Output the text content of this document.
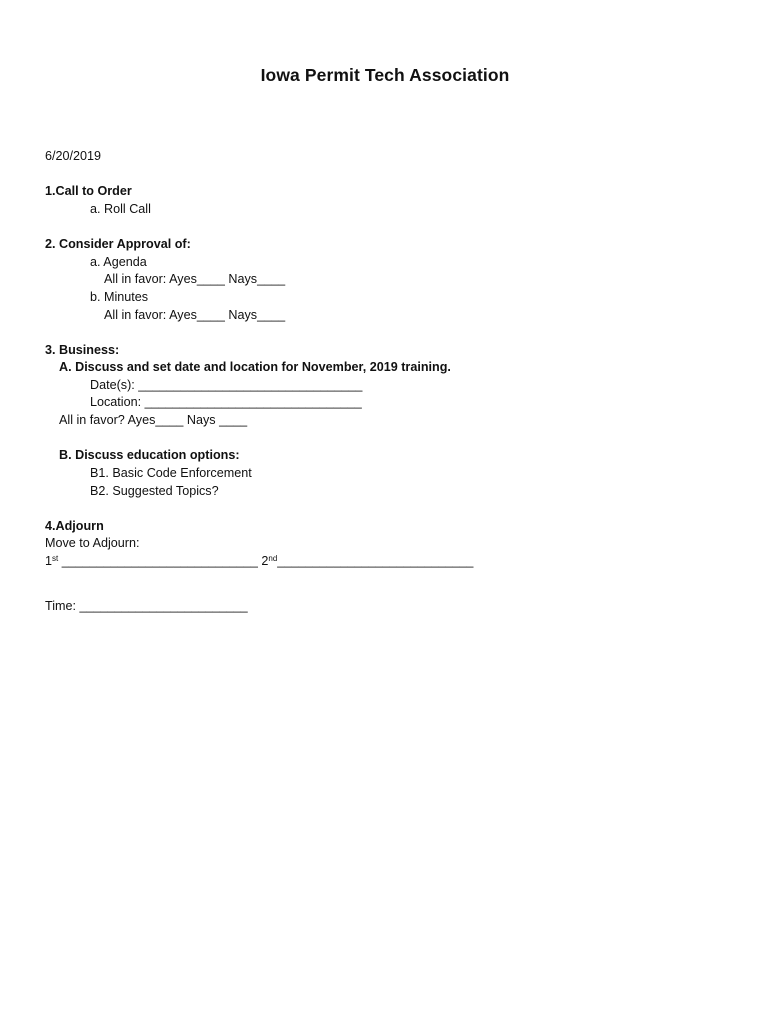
Iowa Permit Tech Association
6/20/2019
1.Call to Order
a. Roll Call
2. Consider Approval of:
a. Agenda
All in favor: Ayes____ Nays____
b. Minutes
All in favor: Ayes____ Nays____
3. Business:
A. Discuss and set date and location for November, 2019 training.
Date(s): ________________________________
Location: _______________________________
All in favor? Ayes____ Nays ____
B. Discuss education options:
B1. Basic Code Enforcement
B2. Suggested Topics?
4.Adjourn
Move to Adjourn:
1st ____________________________ 2nd____________________________
Time: ________________________
